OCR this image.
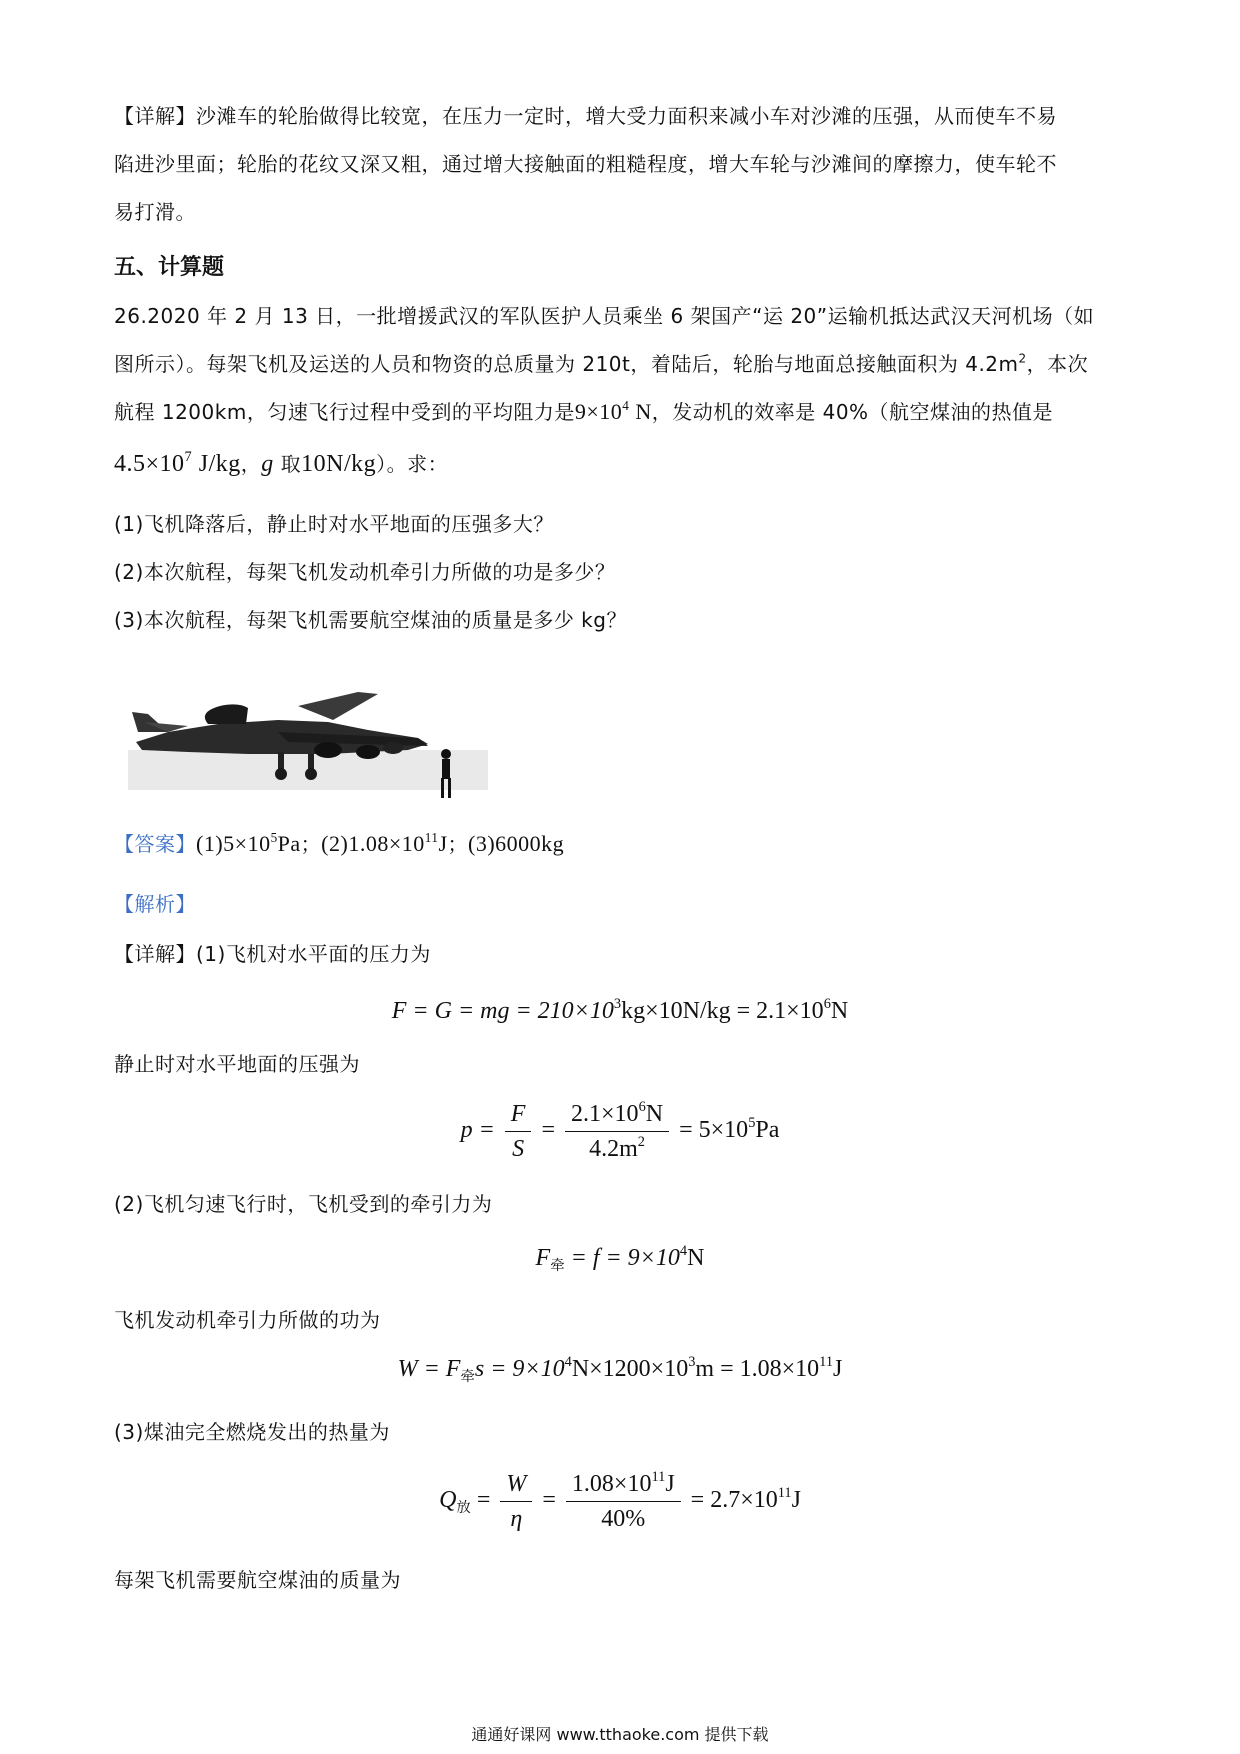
【详解】沙滩车的轮胎做得比较宽，在压力一定时，增大受力面积来减小车对沙滩的压强，从而使车不易
陷进沙里面；轮胎的花纹又深又粗，通过增大接触面的粗糙程度，增大车轮与沙滩间的摩擦力，使车轮不
易打滑。
五、计算题
26.2020 年 2 月 13 日，一批增援武汉的军队医护人员乘坐 6 架国产“运 20”运输机抵达武汉天河机场（如
图所示）。每架飞机及运送的人员和物资的总质量为 210t，着陆后，轮胎与地面总接触面积为 $4.2m^2$，本次
航程 1200km，匀速飞行过程中受到的平均阻力是$9\times 10^4$ N，发动机的效率是 40%（航空煤油的热值是
$4.5\times 10^7$ J/kg，g 取10N/kg）。求：
(1)飞机降落后，静止时对水平地面的压强多大？
(2)本次航程，每架飞机发动机牵引力所做的功是多少？
(3)本次航程，每架飞机需要航空煤油的质量是多少 kg？
【答案】$(1)5\times 10^5Pa$；$(2)1.08\times 10^{11}J$；(3)6000kg
【解析】
【详解】(1)飞机对水平面的压力为
F = G = mg = $210\times 10^3kg\times 10N/kg = 2.1\times 10^6N$
静止时对水平地面的压强为
$p = \frac{F}{S} = \frac{2.1\times 10^6N}{4.2m^2} = 5\times 10^5Pa$
(2)飞机匀速飞行时，飞机受到的牵引力为
$F_牵 = f = 9\times 10^4N$
飞机发动机牵引力所做的功为
$W = F_牵s = 9\times 10^4N\times 1200\times 10^3m = 1.08\times 10^{11}J$
(3)煤油完全燃烧发出的热量为
$Q_放 = \frac{W}{\eta} = \frac{1.08\times 10^{11}J}{40\%} = 2.7\times 10^{11}J$
每架飞机需要航空煤油的质量为
通通好课网 www.tthaoke.com 提供下载
